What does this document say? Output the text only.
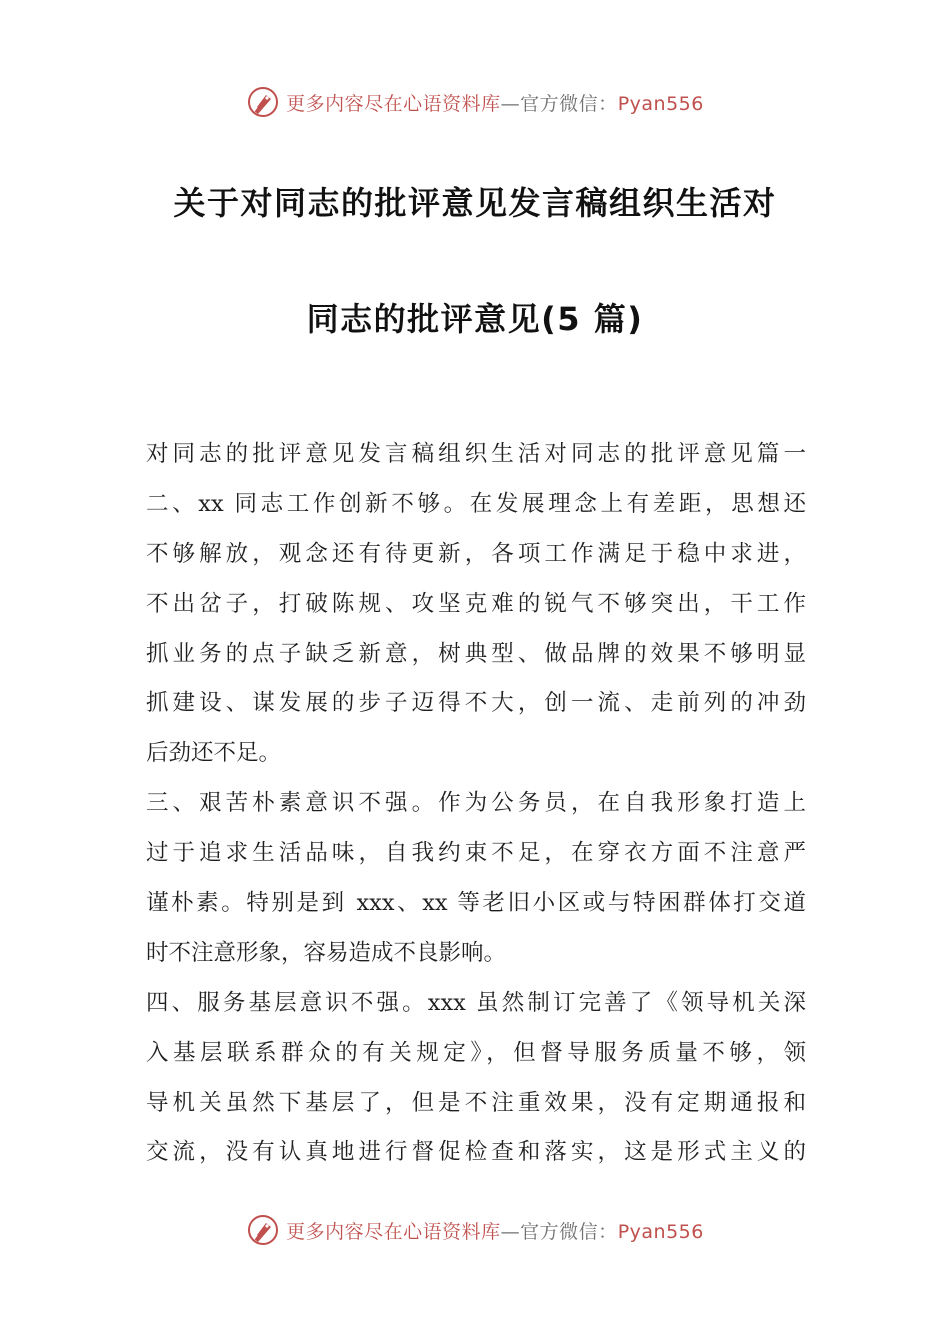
更多内容尽在心语资料库—官方微信：Pyan556
关于对同志的批评意见发言稿组织生活对
同志的批评意见(5 篇)
对同志的批评意见发言稿组织生活对同志的批评意见篇一
二、xx 同志工作创新不够。在发展理念上有差距，思想还
不够解放，观念还有待更新，各项工作满足于稳中求进，
不出岔子，打破陈规、攻坚克难的锐气不够突出，干工作
抓业务的点子缺乏新意，树典型、做品牌的效果不够明显
抓建设、谋发展的步子迈得不大，创一流、走前列的冲劲
后劲还不足。
三、艰苦朴素意识不强。作为公务员，在自我形象打造上
过于追求生活品味，自我约束不足，在穿衣方面不注意严
谨朴素。特别是到 xxx、xx 等老旧小区或与特困群体打交道
时不注意形象，容易造成不良影响。
四、服务基层意识不强。xxx 虽然制订完善了《领导机关深
入基层联系群众的有关规定》，但督导服务质量不够，领
导机关虽然下基层了，但是不注重效果，没有定期通报和
交流，没有认真地进行督促检查和落实，这是形式主义的
更多内容尽在心语资料库—官方微信：Pyan556
